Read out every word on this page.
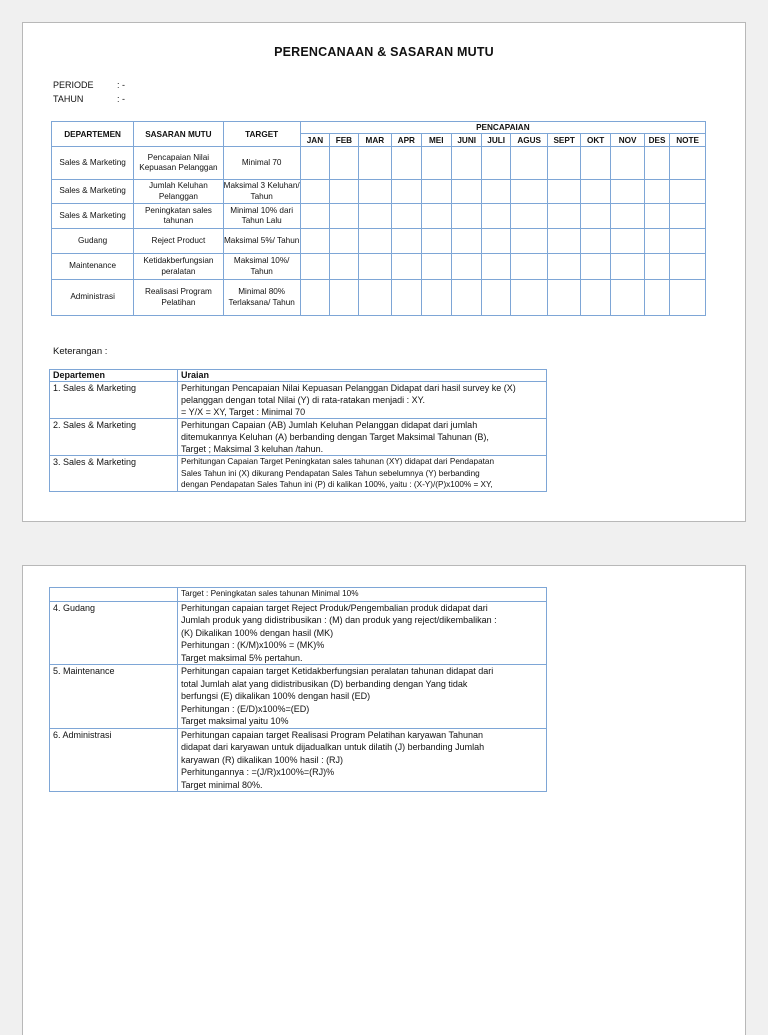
PERENCANAAN & SASARAN MUTU
PERIODE	: -
TAHUN	: -
DEPARTEMEN	SASARAN MUTU	TARGET	PENCAPAIAN												
			JAN	FEB	MAR	APR	MEI	JUNI	JULI	AGUS	SEPT	OKT	NOV	DES	NOTE
Sales & Marketing	Pencapaian Nilai Kepuasan Pelanggan	Minimal 70													
Sales & Marketing	Jumlah Keluhan Pelanggan	Maksimal 3 Keluhan/ Tahun													
Sales & Marketing	Peningkatan sales tahunan	Minimal 10% dari Tahun Lalu													
Gudang	Reject Product	Maksimal 5%/ Tahun													
Maintenance	Ketidakberfungsian peralatan	Maksimal 10%/ Tahun													
Administrasi	Realisasi Program Pelatihan	Minimal 80% Terlaksana/ Tahun													
Keterangan :
Departemen	Uraian
1. Sales & Marketing	Perhitungan Pencapaian Nilai Kepuasan Pelanggan Didapat dari hasil survey ke (X)
pelanggan dengan total Nilai (Y) di rata-ratakan menjadi : XY.
= Y/X = XY, Target : Minimal 70

2. Sales & Marketing	Perhitungan Capaian (AB) Jumlah Keluhan Pelanggan didapat dari jumlah
ditemukannya Keluhan (A) berbanding dengan Target Maksimal Tahunan (B),
Target ; Maksimal 3 keluhan /tahun.

3. Sales & Marketing	Perhitungan Capaian Target Peningkatan sales tahunan (XY) didapat dari Pendapatan
Sales Tahun ini (X) dikurang Pendapatan Sales Tahun sebelumnya (Y) berbanding
dengan Pendapatan Sales Tahun ini (P) di kalikan 100%, yaitu : (X-Y)/(P)x100% = XY,

	Target : Peningkatan sales tahunan Minimal 10%

4. Gudang	Perhitungan capaian target Reject Produk/Pengembalian produk didapat dari
Jumlah produk yang didistribusikan : (M) dan produk yang reject/dikembalikan :
(K) Dikalikan 100% dengan hasil (MK)
Perhitungan : (K/M)x100% = (MK)%
Target maksimal 5% pertahun.

5. Maintenance	Perhitungan capaian target Ketidakberfungsian peralatan tahunan didapat dari
total Jumlah alat yang didistribusikan (D) berbanding dengan Yang tidak
berfungsi (E) dikalikan 100% dengan hasil (ED)
Perhitungan : (E/D)x100%=(ED)
Target maksimal yaitu 10%

6. Administrasi	Perhitungan capaian target Realisasi Program Pelatihan karyawan Tahunan
didapat dari karyawan untuk dijadualkan untuk dilatih (J) berbanding Jumlah
karyawan (R) dikalikan 100% hasil : (RJ)
Perhitungannya : =(J/R)x100%=(RJ)%
Target minimal 80%.
